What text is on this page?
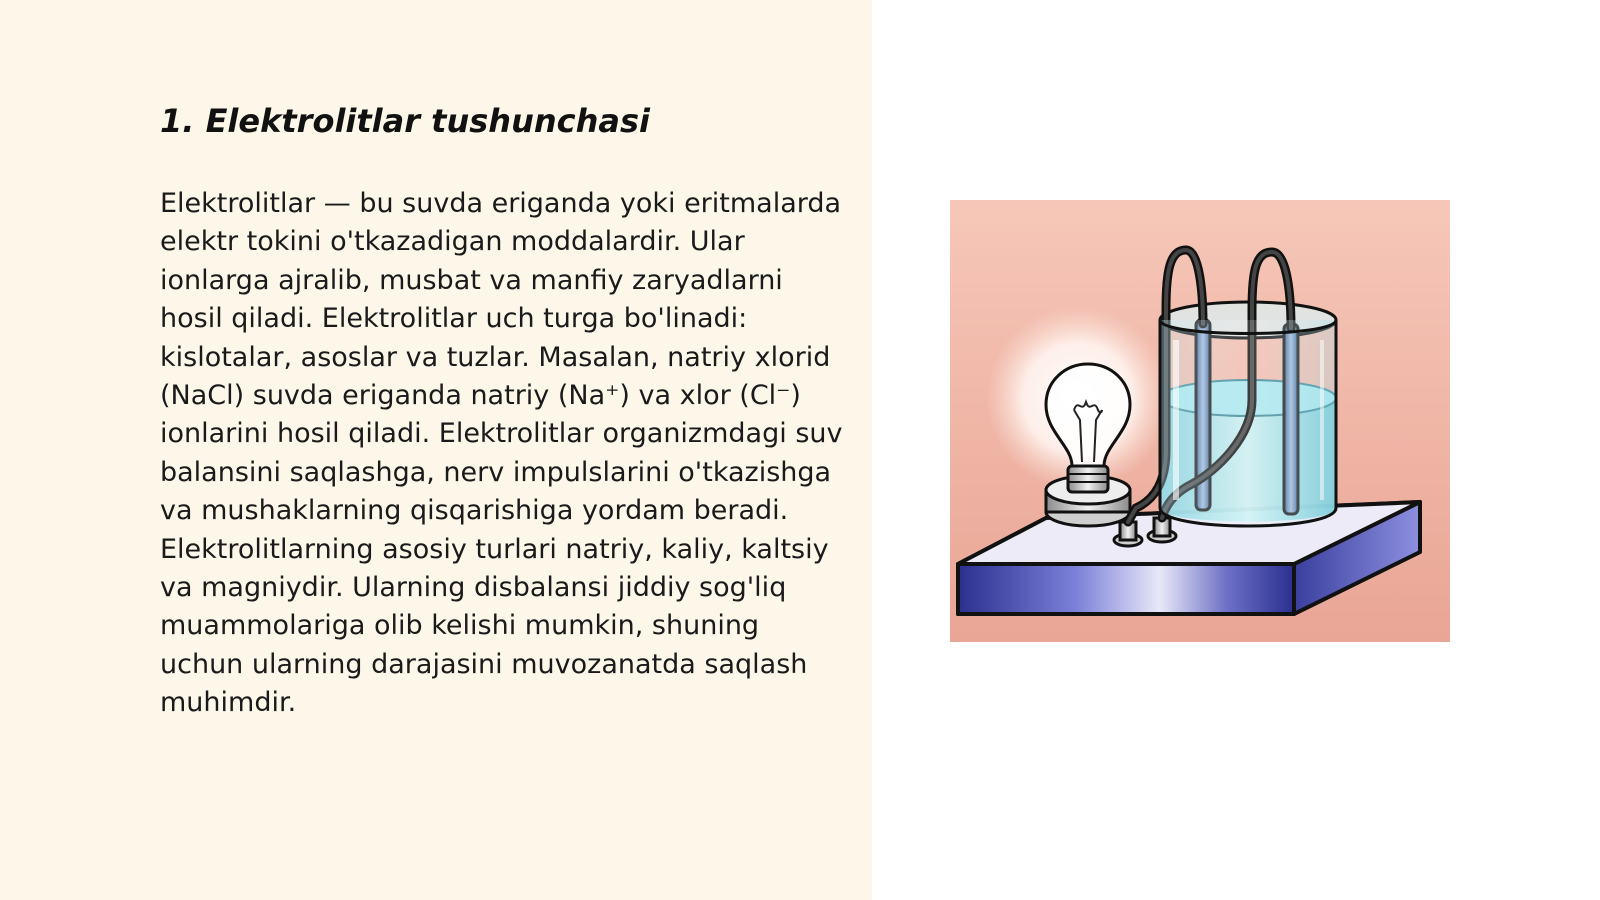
1. Elektrolitlar tushunchasi

Elektrolitlar — bu suvda eriganda yoki eritmalarda elektr tokini o'tkazadigan moddalardir. Ular ionlarga ajralib, musbat va manfiy zaryadlarni hosil qiladi. Elektrolitlar uch turga bo'linadi: kislotalar, asoslar va tuzlar. Masalan, natriy xlorid (NaCl) suvda eriganda natriy (Na⁺) va xlor (Cl⁻) ionlarini hosil qiladi. Elektrolitlar organizmdagi suv balansini saqlashga, nerv impulslarini o'tkazishga va mushaklarning qisqarishiga yordam beradi. Elektrolitlarning asosiy turlari natriy, kaliy, kaltsiy va magniydir. Ularning disbalansi jiddiy sog'liq muammolariga olib kelishi mumkin, shuning uchun ularning darajasini muvozanatda saqlash muhimdir.
